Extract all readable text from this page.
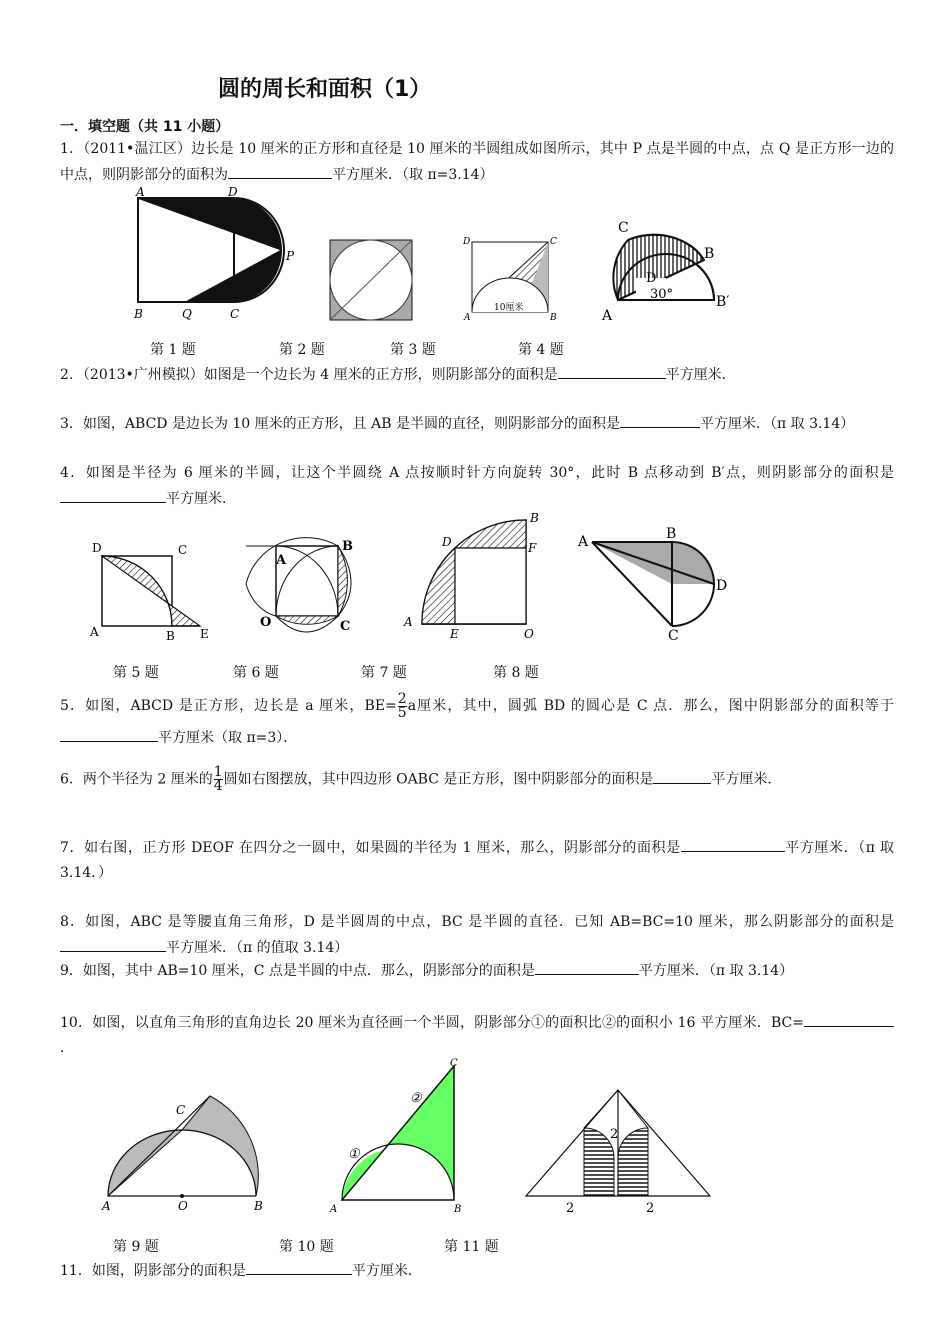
圆的周长和面积（1）
一．填空题（共 11 小题）
1．（2011•温江区）边长是 10 厘米的正方形和直径是 10 厘米的半圆组成如图所示，其中 P 点是半圆的中点，点 Q 是正方形一边的中点，则阴影部分的面积为	平方厘米．（取 π=3.14）
A	D
B	Q	C
P
D	C
A	B
10厘米
C
B
D
30°
A
B′
第 1 题	第 2 题	第 3 题	第 4 题
2．（2013•广州模拟）如图是一个边长为 4 厘米的正方形，则阴影部分的面积是	平方厘米．
3．如图，ABCD 是边长为 10 厘米的正方形，且 AB 是半圆的直径，则阴影部分的面积是	平方厘米．（π 取 3.14）
4．如图是半径为 6 厘米的半圆，让这个半圆绕 A 点按顺时针方向旋转 30°，此时 B 点移动到 B′点，则阴影部分的面积是平方厘米．
D	C
A	B E
A
B
O	C
B
D	F
A
E	O
A	B
D
C
第 5 题	第 6 题	第 7 题	第 8 题
5．如图，ABCD 是正方形，边长是 a 厘米，$BE= \frac{2}{5}$ a厘米，其中，圆弧 BD 的圆心是 C 点．那么，图中阴影部分的面积等于平方厘米（取 π=3）．
6．两个半径为 2 厘米的 $\frac{1}{4}$ 圆如右图摆放，其中四边形 OABC 是正方形，图中阴影部分的面积是	平方厘米．
7．如右图，正方形 DEOF 在四分之一圆中，如果圆的半径为 1 厘米，那么，阴影部分的面积是	平方厘米．（π 取 3.14．）
8．如图，ABC 是等腰直角三角形，D 是半圆周的中点，BC 是半圆的直径．已知 AB=BC=10 厘米，那么阴影部分的面积是平方厘米．（π 的值取 3.14）
9．如图，其中 AB=10 厘米，C 点是半圆的中点．那么，阴影部分的面积是	平方厘米．（π 取 3.14）
10．如图，以直角三角形的直角边长 20 厘米为直径画一个半圆，阴影部分①的面积比②的面积小 16 平方厘米．BC=．
C
A	O	B
C
②
①
A	B
2
2	2
第 9 题	第 10 题	第 11 题
11．如图，阴影部分的面积是	平方厘米．
